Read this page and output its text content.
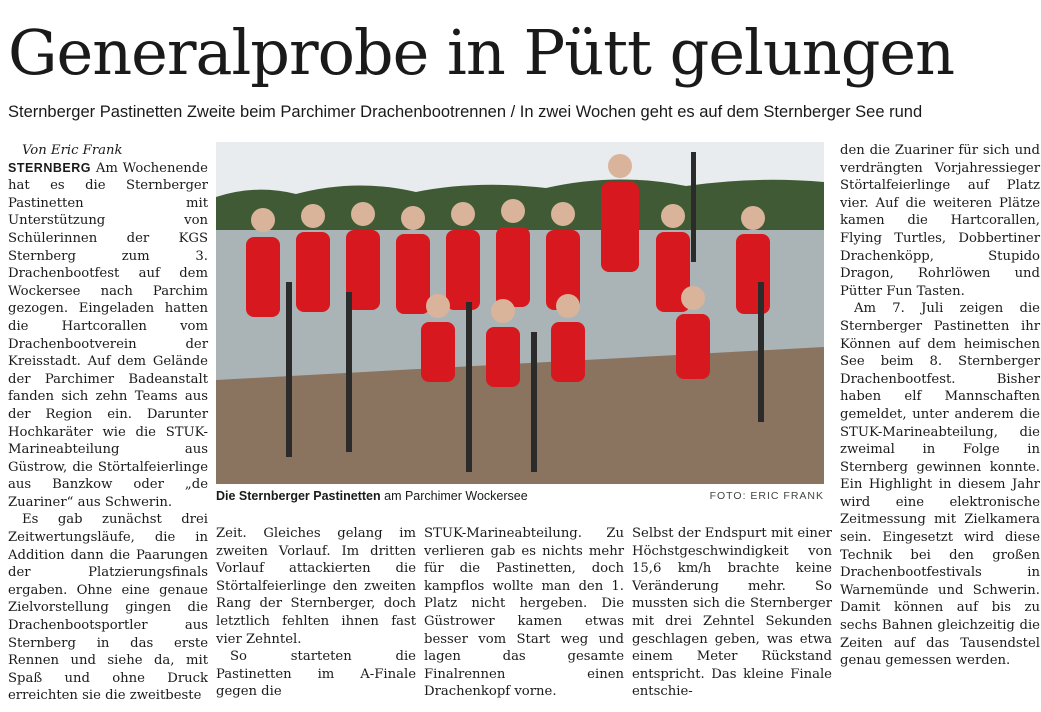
Generalprobe in Pütt gelungen

Sternberger Pastinetten Zweite beim Parchimer Drachenbootrennen / In zwei Wochen geht es auf dem Sternberger See rund

Von Eric Frank

STERNBERG Am Wochenende hat es die Sternberger Pastinetten mit Unterstützung von Schülerinnen der KGS Sternberg zum 3. Drachenbootfest auf dem Wockersee nach Parchim gezogen. Eingeladen hatten die Hartcorallen vom Drachenbootverein der Kreisstadt. Auf dem Gelände der Parchimer Badeanstalt fanden sich zehn Teams aus der Region ein. Darunter Hochkaräter wie die STUK-Marineabteilung aus Güstrow, die Störtalfeierlinge aus Banzkow oder „de Zuariner“ aus Schwerin.

Es gab zunächst drei Zeitwertungsläufe, die in Addition dann die Paarungen der Platzierungsfinals ergaben. Ohne eine genaue Zielvorstellung gingen die Drachenbootsportler aus Sternberg in das erste Rennen und siehe da, mit Spaß und ohne Druck erreichten sie die zweitbeste

Die Sternberger Pastinetten am Parchimer Wockersee	FOTO: ERIC FRANK

Zeit. Gleiches gelang im zweiten Vorlauf. Im dritten Vorlauf attackierten die Störtalfeierlinge den zweiten Rang der Sternberger, doch letztlich fehlten ihnen fast vier Zehntel.

So starteten die Pastinetten im A-Finale gegen die

STUK-Marineabteilung. Zu verlieren gab es nichts mehr für die Pastinetten, doch kampflos wollte man den 1. Platz nicht hergeben. Die Güstrower kamen etwas besser vom Start weg und lagen das gesamte Finalrennen einen Drachenkopf vorne.

Selbst der Endspurt mit einer Höchstgeschwindigkeit von 15,6 km/h brachte keine Veränderung mehr. So mussten sich die Sternberger mit drei Zehntel Sekunden geschlagen geben, was etwa einem Meter Rückstand entspricht. Das kleine Finale entschie-

den die Zuariner für sich und verdrängten Vorjahressieger Störtalfeierlinge auf Platz vier. Auf die weiteren Plätze kamen die Hartcorallen, Flying Turtles, Dobbertiner Drachenköpp, Stupido Dragon, Rohrlöwen und Pütter Fun Tasten.

Am 7. Juli zeigen die Sternberger Pastinetten ihr Können auf dem heimischen See beim 8. Sternberger Drachenbootfest. Bisher haben elf Mannschaften gemeldet, unter anderem die STUK-Marineabteilung, die zweimal in Folge in Sternberg gewinnen konnte. Ein Highlight in diesem Jahr wird eine elektronische Zeitmessung mit Zielkamera sein. Eingesetzt wird diese Technik bei den großen Drachenbootfestivals in Warnemünde und Schwerin. Damit können auf bis zu sechs Bahnen gleichzeitig die Zeiten auf das Tausendstel genau gemessen werden.
